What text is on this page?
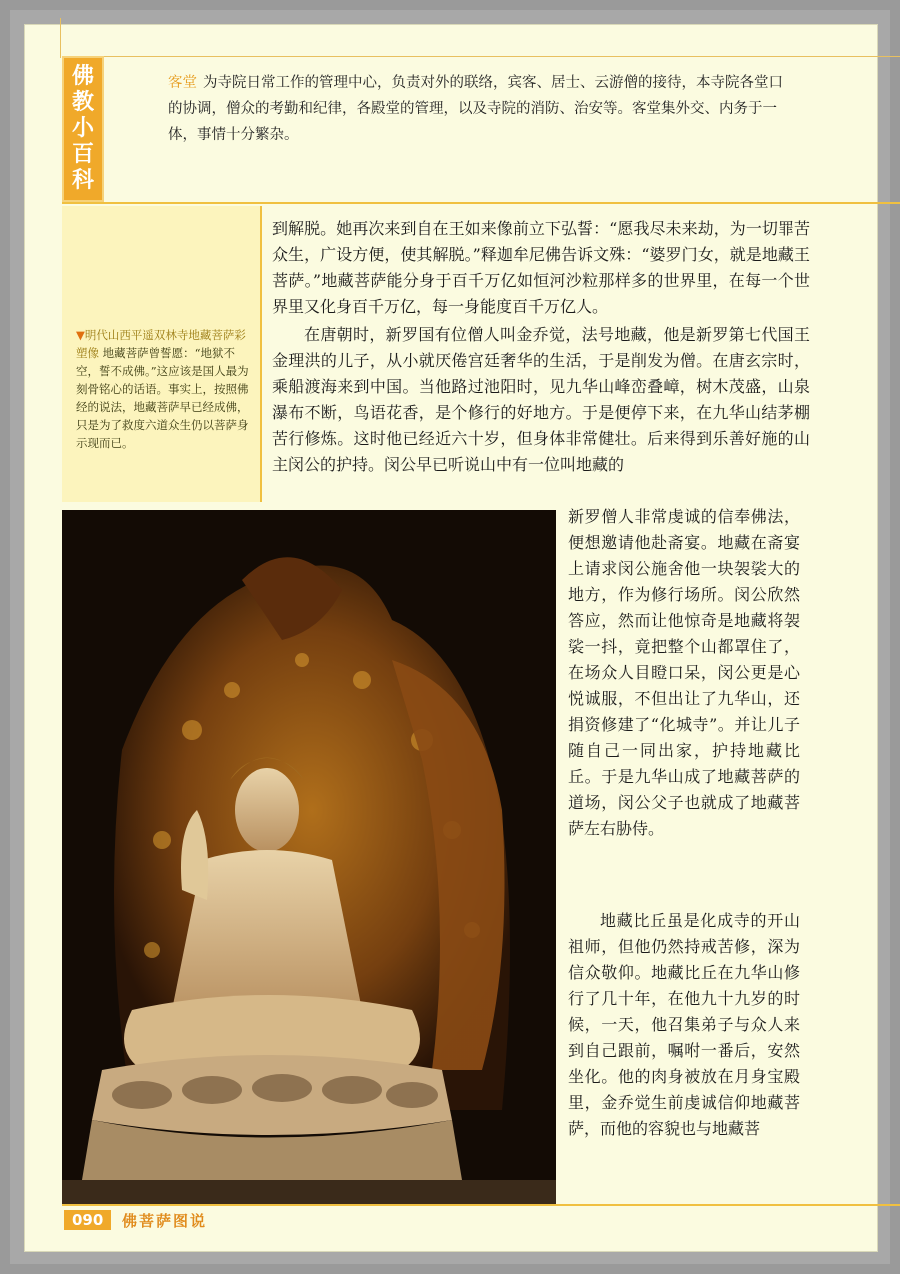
佛
教
小
百
科
客堂 为寺院日常工作的管理中心，负责对外的联络，宾客、居士、云游僧的接待，本寺院各堂口的协调，僧众的考勤和纪律，各殿堂的管理，以及寺院的消防、治安等。客堂集外交、内务于一体，事情十分繁杂。
▼明代山西平遥双林寺地藏菩萨彩塑像 地藏菩萨曾誓愿：“地狱不空，誓不成佛。”这应该是国人最为刻骨铭心的话语。事实上，按照佛经的说法，地藏菩萨早已经成佛，只是为了救度六道众生仍以菩萨身示现而已。

到解脱。她再次来到自在王如来像前立下弘誓：“愿我尽未来劫，为一切罪苦众生，广设方便，使其解脱。”释迦牟尼佛告诉文殊：“婆罗门女，就是地藏王菩萨。”地藏菩萨能分身于百千万亿如恒河沙粒那样多的世界里，在每一个世界里又化身百千万亿，每一身能度百千万亿人。

在唐朝时，新罗国有位僧人叫金乔觉，法号地藏，他是新罗第七代国王金理洪的儿子，从小就厌倦宫廷奢华的生活，于是削发为僧。在唐玄宗时，乘船渡海来到中国。当他路过池阳时，见九华山峰峦叠嶂，树木茂盛，山泉瀑布不断，鸟语花香，是个修行的好地方。于是便停下来，在九华山结茅棚苦行修炼。这时他已经近六十岁，但身体非常健壮。后来得到乐善好施的山主闵公的护持。闵公早已听说山中有一位叫地藏的

新罗僧人非常虔诚的信奉佛法，便想邀请他赴斋宴。地藏在斋宴上请求闵公施舍他一块袈裟大的地方，作为修行场所。闵公欣然答应，然而让他惊奇是地藏将袈裟一抖，竟把整个山都罩住了，在场众人目瞪口呆，闵公更是心悦诚服，不但出让了九华山，还捐资修建了“化城寺”。并让儿子随自己一同出家，护持地藏比丘。于是九华山成了地藏菩萨的道场，闵公父子也就成了地藏菩萨左右胁侍。

地藏比丘虽是化成寺的开山祖师，但他仍然持戒苦修，深为信众敬仰。地藏比丘在九华山修行了几十年，在他九十九岁的时候，一天，他召集弟子与众人来到自己跟前，嘱咐一番后，安然坐化。他的肉身被放在月身宝殿里，金乔觉生前虔诚信仰地藏菩萨，而他的容貌也与地藏菩

090	佛菩萨图说
